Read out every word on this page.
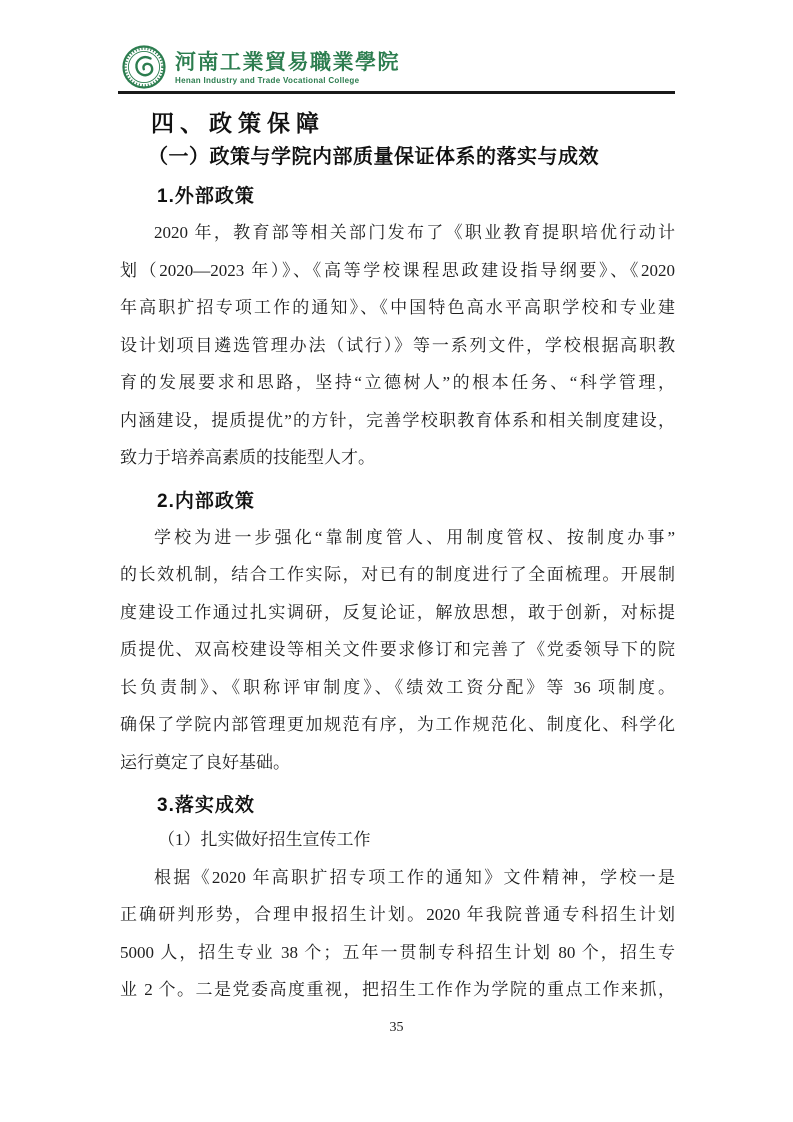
河南工業貿易職業學院
Henan Industry and Trade Vocational College
四、政策保障
（一）政策与学院内部质量保证体系的落实与成效
1.外部政策
2020 年，教育部等相关部门发布了《职业教育提职培优行动计
划（2020—2023 年）》、《高等学校课程思政建设指导纲要》、《2020
年高职扩招专项工作的通知》、《中国特色高水平高职学校和专业建
设计划项目遴选管理办法（试行）》等一系列文件，学校根据高职教
育的发展要求和思路，坚持“立德树人”的根本任务、“科学管理，
内涵建设，提质提优”的方针，完善学校职教育体系和相关制度建设，
致力于培养高素质的技能型人才。
2.内部政策
学校为进一步强化“靠制度管人、用制度管权、按制度办事”
的长效机制，结合工作实际，对已有的制度进行了全面梳理。开展制
度建设工作通过扎实调研，反复论证，解放思想，敢于创新，对标提
质提优、双高校建设等相关文件要求修订和完善了《党委领导下的院
长负责制》、《职称评审制度》、《绩效工资分配》等 36 项制度。
确保了学院内部管理更加规范有序，为工作规范化、制度化、科学化
运行奠定了良好基础。
3.落实成效
（1）扎实做好招生宣传工作
根据《2020 年高职扩招专项工作的通知》文件精神，学校一是
正确研判形势，合理申报招生计划。2020 年我院普通专科招生计划
5000 人，招生专业 38 个；五年一贯制专科招生计划 80 个，招生专
业 2 个。二是党委高度重视，把招生工作作为学院的重点工作来抓，
35
